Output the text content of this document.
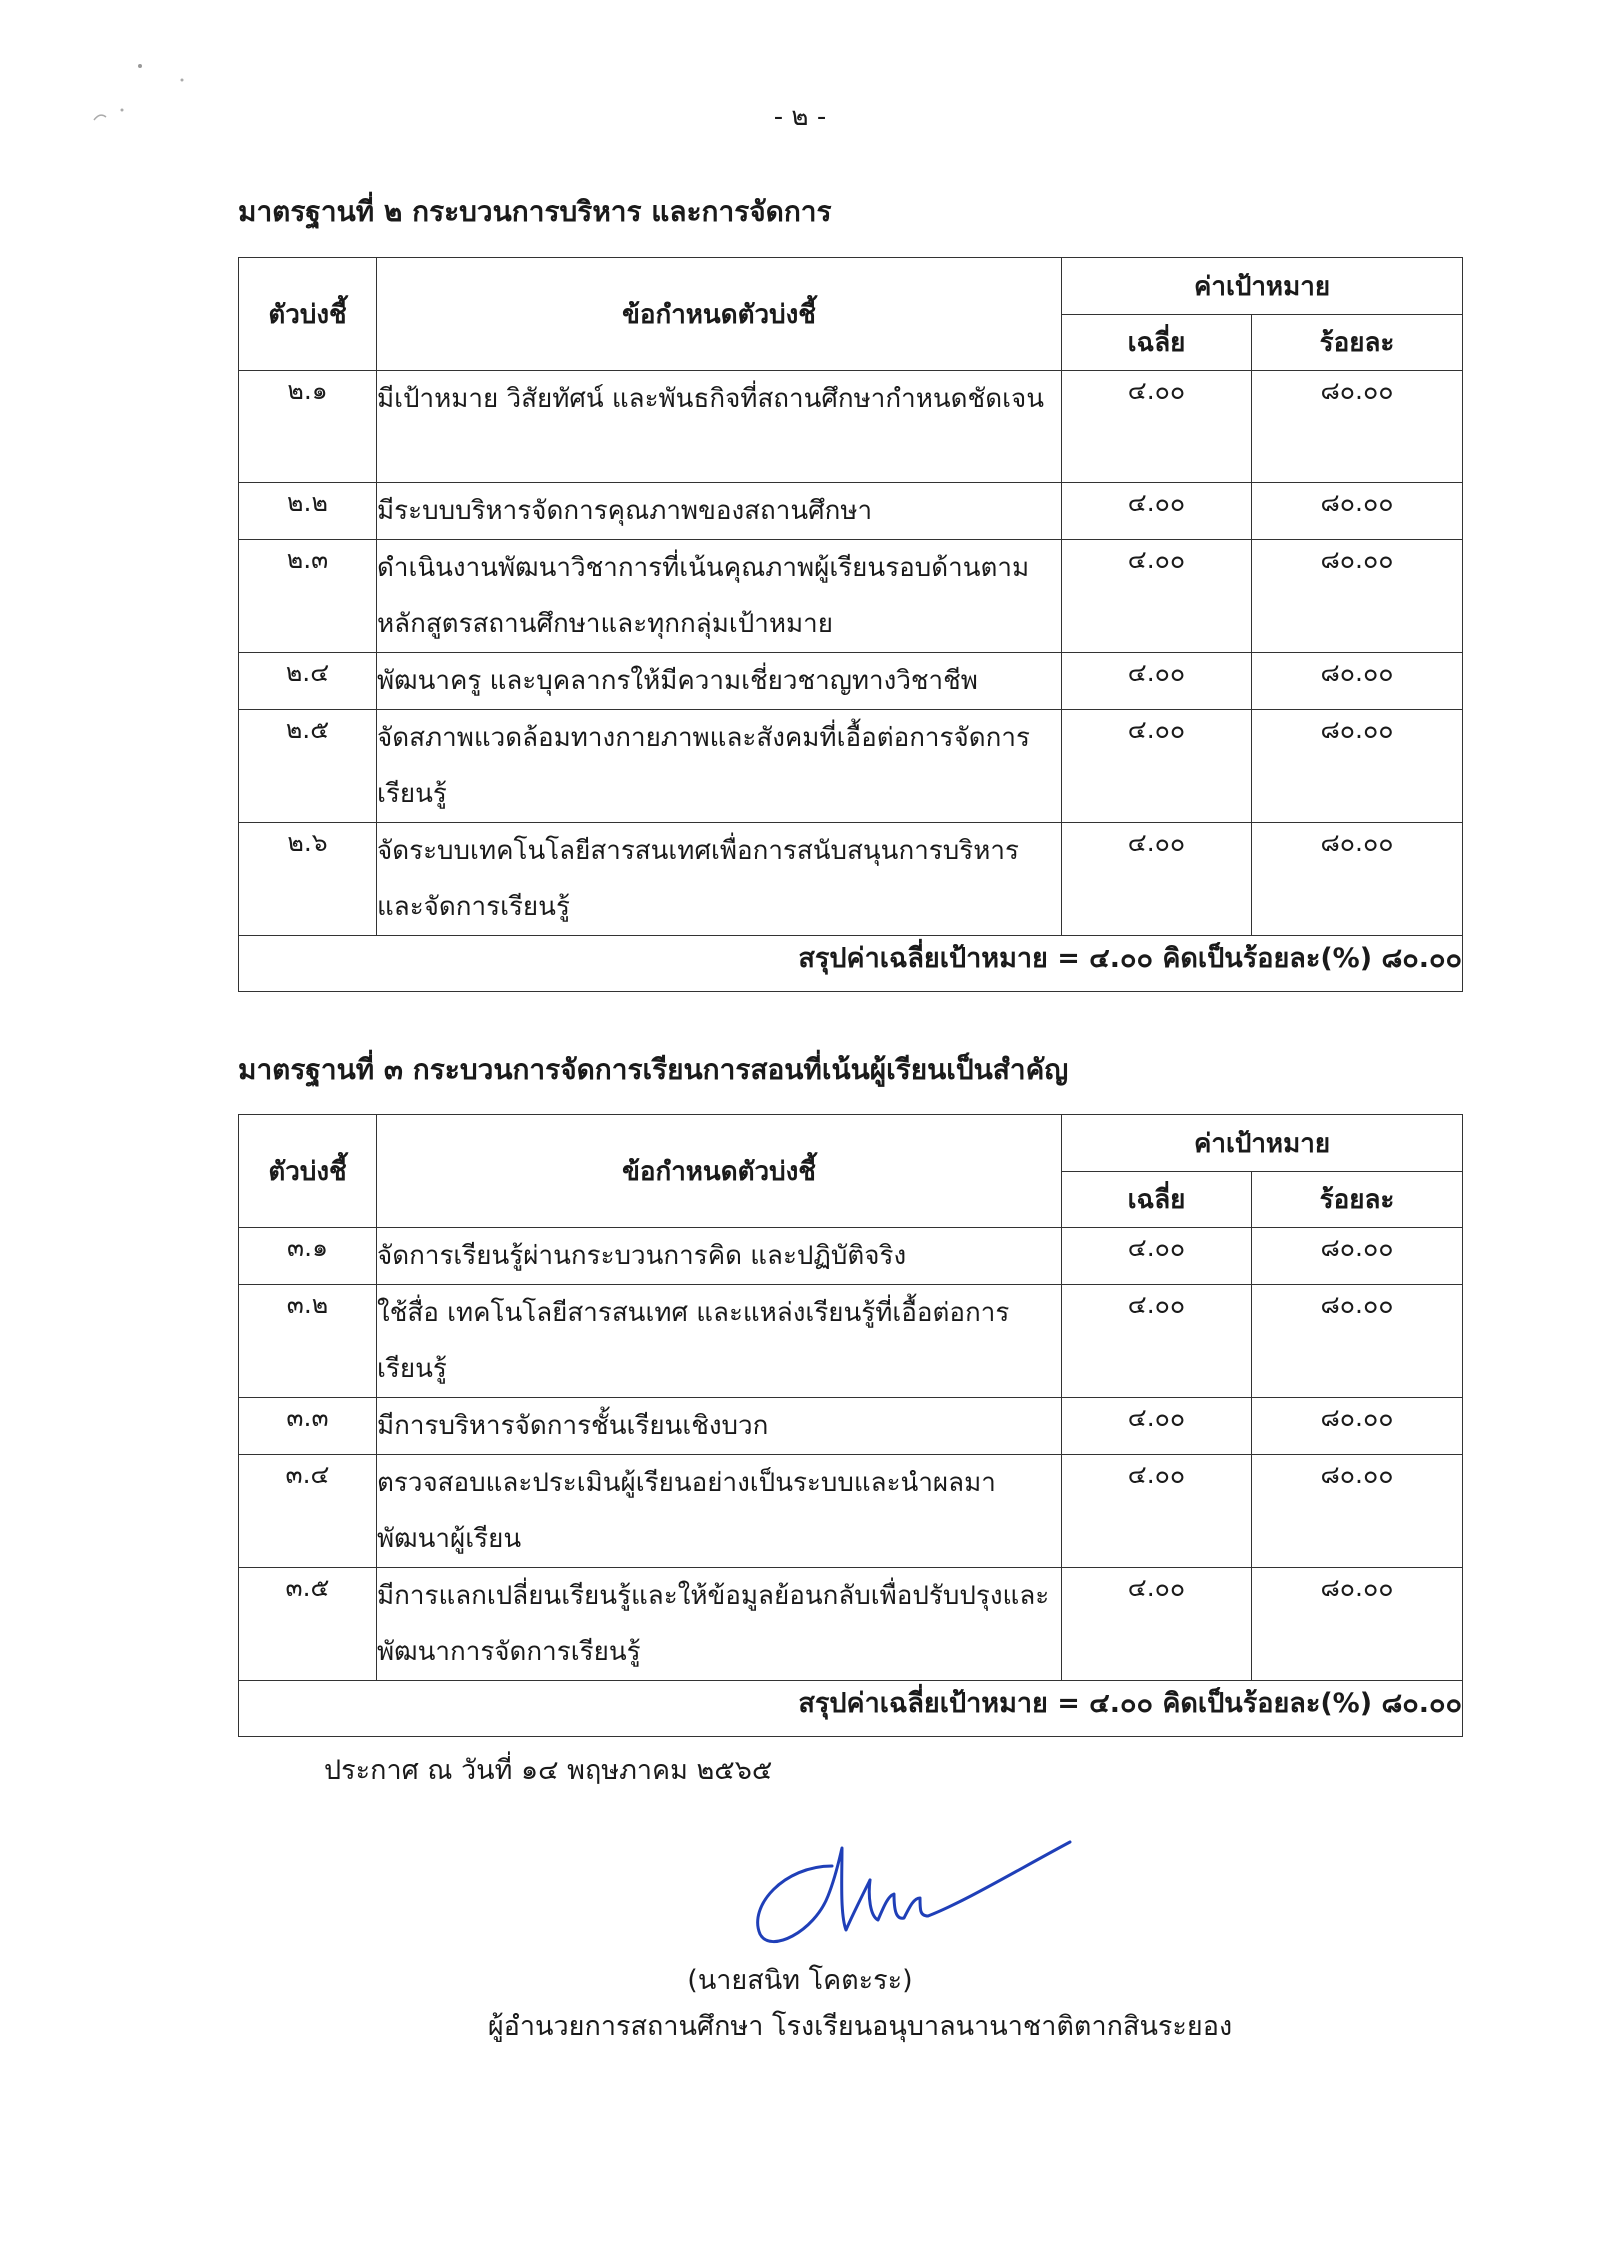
- ๒ -
มาตรฐานที่ ๒ กระบวนการบริหาร และการจัดการ
ตัวบ่งชี้	ข้อกำหนดตัวบ่งชี้	ค่าเป้าหมาย	
		เฉลี่ย	ร้อยละ
๒.๑	มีเป้าหมาย วิสัยทัศน์ และพันธกิจที่สถานศึกษากำหนดชัดเจน	๔.๐๐	๘๐.๐๐
๒.๒	มีระบบบริหารจัดการคุณภาพของสถานศึกษา	๔.๐๐	๘๐.๐๐
๒.๓	ดำเนินงานพัฒนาวิชาการที่เน้นคุณภาพผู้เรียนรอบด้านตามหลักสูตรสถานศึกษาและทุกกลุ่มเป้าหมาย	๔.๐๐	๘๐.๐๐
๒.๔	พัฒนาครู และบุคลากรให้มีความเชี่ยวชาญทางวิชาชีพ	๔.๐๐	๘๐.๐๐
๒.๕	จัดสภาพแวดล้อมทางกายภาพและสังคมที่เอื้อต่อการจัดการเรียนรู้	๔.๐๐	๘๐.๐๐
๒.๖	จัดระบบเทคโนโลยีสารสนเทศเพื่อการสนับสนุนการบริหารและจัดการเรียนรู้	๔.๐๐	๘๐.๐๐
สรุปค่าเฉลี่ยเป้าหมาย = ๔.๐๐ คิดเป็นร้อยละ(%) ๘๐.๐๐			
มาตรฐานที่ ๓ กระบวนการจัดการเรียนการสอนที่เน้นผู้เรียนเป็นสำคัญ
ตัวบ่งชี้	ข้อกำหนดตัวบ่งชี้	ค่าเป้าหมาย	
		เฉลี่ย	ร้อยละ
๓.๑	จัดการเรียนรู้ผ่านกระบวนการคิด และปฏิบัติจริง	๔.๐๐	๘๐.๐๐
๓.๒	ใช้สื่อ เทคโนโลยีสารสนเทศ และแหล่งเรียนรู้ที่เอื้อต่อการเรียนรู้	๔.๐๐	๘๐.๐๐
๓.๓	มีการบริหารจัดการชั้นเรียนเชิงบวก	๔.๐๐	๘๐.๐๐
๓.๔	ตรวจสอบและประเมินผู้เรียนอย่างเป็นระบบและนำผลมาพัฒนาผู้เรียน	๔.๐๐	๘๐.๐๐
๓.๕	มีการแลกเปลี่ยนเรียนรู้และให้ข้อมูลย้อนกลับเพื่อปรับปรุงและพัฒนาการจัดการเรียนรู้	๔.๐๐	๘๐.๐๐
สรุปค่าเฉลี่ยเป้าหมาย = ๔.๐๐ คิดเป็นร้อยละ(%) ๘๐.๐๐			
ประกาศ ณ วันที่ ๑๔ พฤษภาคม ๒๕๖๕
(นายสนิท โคตะระ)
ผู้อำนวยการสถานศึกษา โรงเรียนอนุบาลนานาชาติตากสินระยอง
